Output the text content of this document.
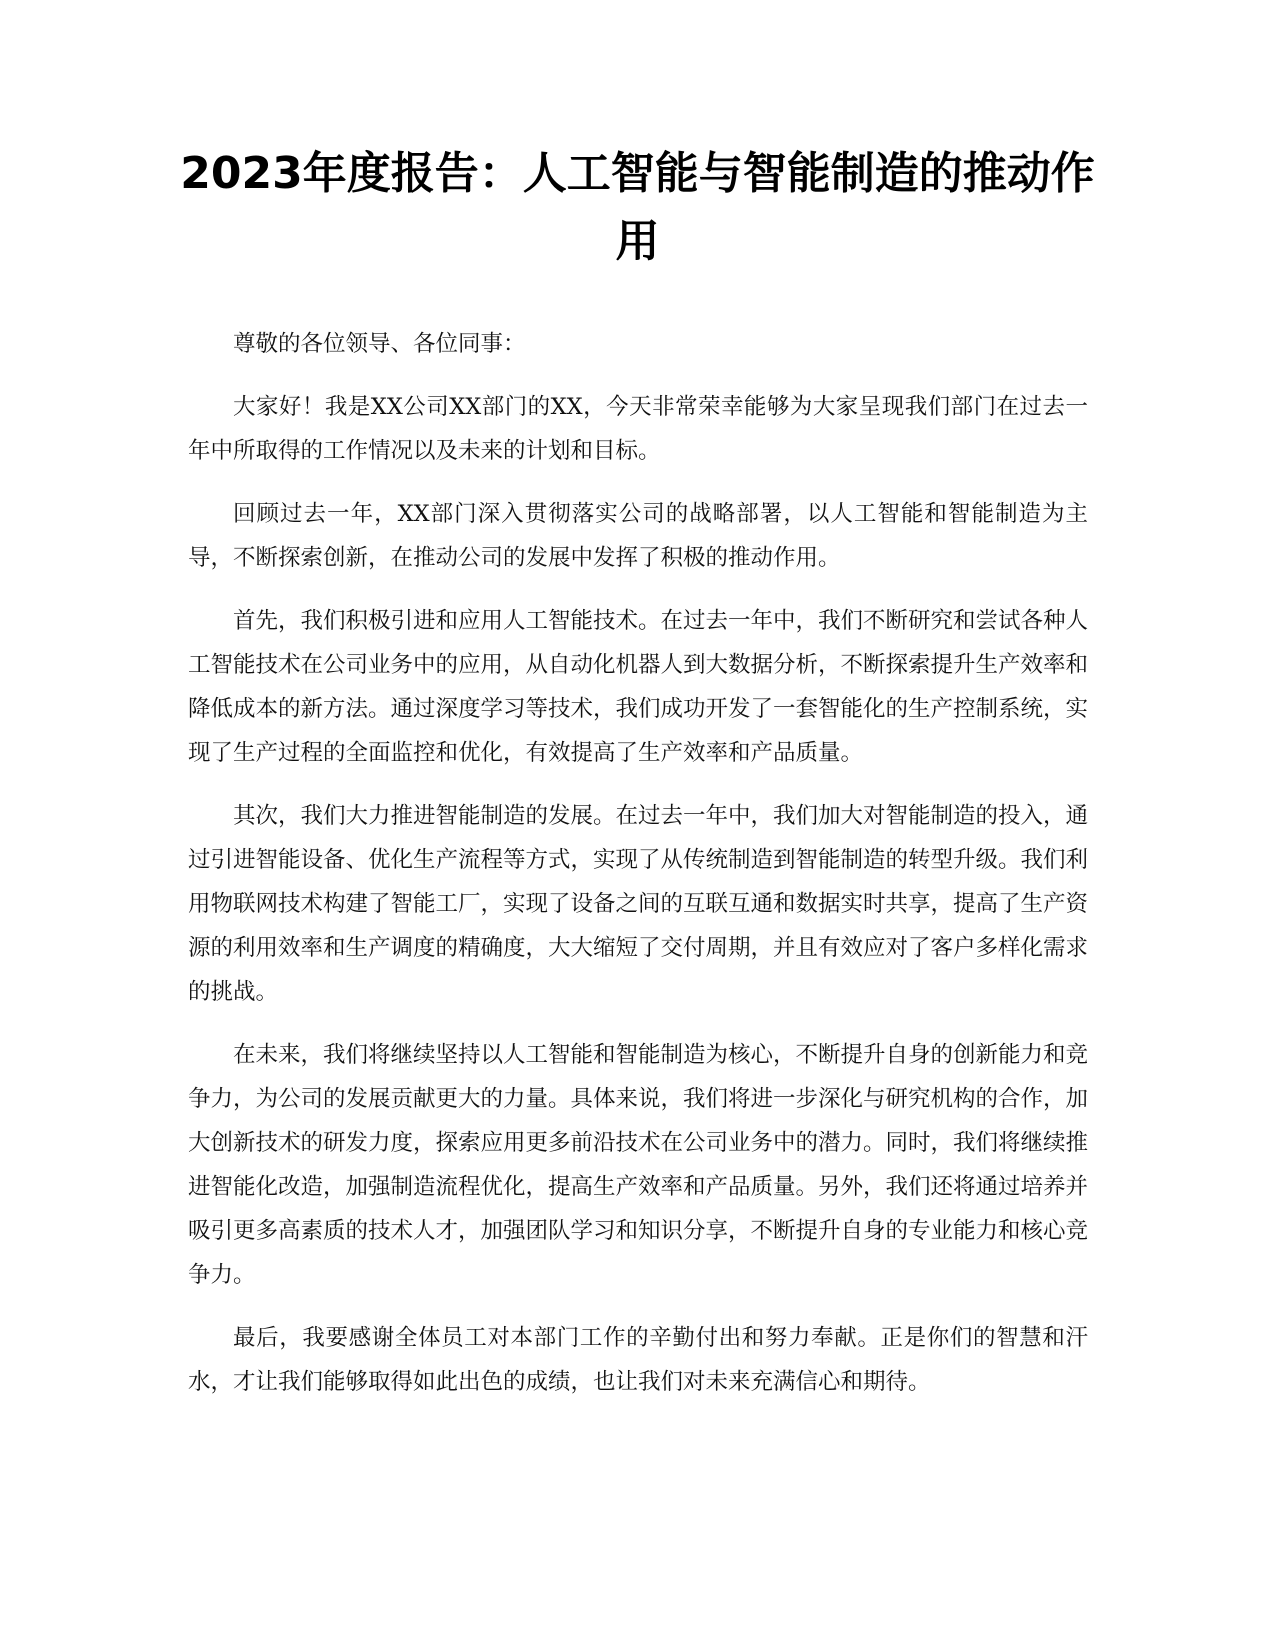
2023年度报告：人工智能与智能制造的推动作用

尊敬的各位领导、各位同事：

大家好！我是XX公司XX部门的XX，今天非常荣幸能够为大家呈现我们部门在过去一年中所取得的工作情况以及未来的计划和目标。

回顾过去一年，XX部门深入贯彻落实公司的战略部署，以人工智能和智能制造为主导，不断探索创新，在推动公司的发展中发挥了积极的推动作用。

首先，我们积极引进和应用人工智能技术。在过去一年中，我们不断研究和尝试各种人工智能技术在公司业务中的应用，从自动化机器人到大数据分析，不断探索提升生产效率和降低成本的新方法。通过深度学习等技术，我们成功开发了一套智能化的生产控制系统，实现了生产过程的全面监控和优化，有效提高了生产效率和产品质量。

其次，我们大力推进智能制造的发展。在过去一年中，我们加大对智能制造的投入，通过引进智能设备、优化生产流程等方式，实现了从传统制造到智能制造的转型升级。我们利用物联网技术构建了智能工厂，实现了设备之间的互联互通和数据实时共享，提高了生产资源的利用效率和生产调度的精确度，大大缩短了交付周期，并且有效应对了客户多样化需求的挑战。

在未来，我们将继续坚持以人工智能和智能制造为核心，不断提升自身的创新能力和竞争力，为公司的发展贡献更大的力量。具体来说，我们将进一步深化与研究机构的合作，加大创新技术的研发力度，探索应用更多前沿技术在公司业务中的潜力。同时，我们将继续推进智能化改造，加强制造流程优化，提高生产效率和产品质量。另外，我们还将通过培养并吸引更多高素质的技术人才，加强团队学习和知识分享，不断提升自身的专业能力和核心竞争力。

最后，我要感谢全体员工对本部门工作的辛勤付出和努力奉献。正是你们的智慧和汗水，才让我们能够取得如此出色的成绩，也让我们对未来充满信心和期待。
